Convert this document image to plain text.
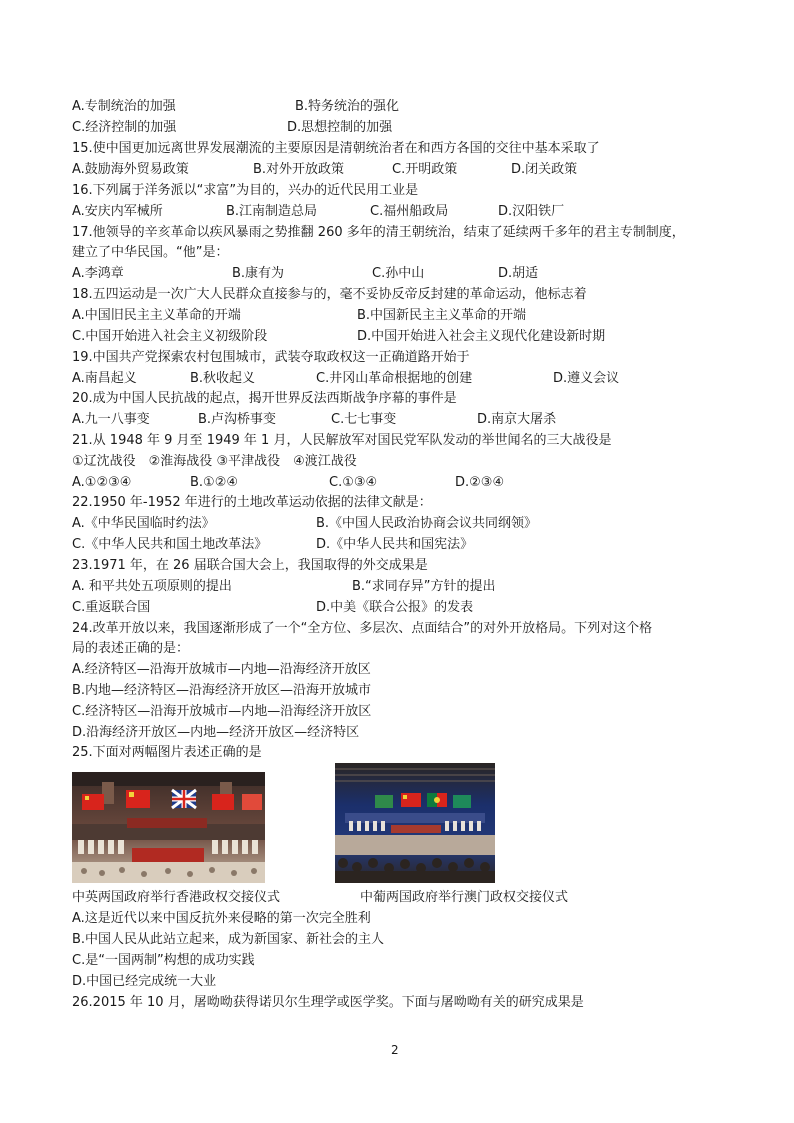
A.专制统治的加强	B.特务统治的强化
C.经济控制的加强	D.思想控制的加强
15.使中国更加远离世界发展潮流的主要原因是清朝统治者在和西方各国的交往中基本采取了
A.鼓励海外贸易政策	B.对外开放政策	C.开明政策	D.闭关政策
16.下列属于洋务派以“求富”为目的，兴办的近代民用工业是
A.安庆内军械所	B.江南制造总局	C.福州船政局	D.汉阳铁厂
17.他领导的辛亥革命以疾风暴雨之势推翻 260 多年的清王朝统治，结束了延续两千多年的君主专制制度，
建立了中华民国。“他”是：
A.李鸿章	B.康有为	C.孙中山	D.胡适
18.五四运动是一次广大人民群众直接参与的，毫不妥协反帝反封建的革命运动，他标志着
A.中国旧民主主义革命的开端	B.中国新民主主义革命的开端
C.中国开始进入社会主义初级阶段	D.中国开始进入社会主义现代化建设新时期
19.中国共产党探索农村包围城市，武装夺取政权这一正确道路开始于
A.南昌起义	B.秋收起义	C.井冈山革命根据地的创建	D.遵义会议
20.成为中国人民抗战的起点，揭开世界反法西斯战争序幕的事件是
A.九一八事变	B.卢沟桥事变	C.七七事变	D.南京大屠杀
21.从 1948 年 9 月至 1949 年 1 月，人民解放军对国民党军队发动的举世闻名的三大战役是
①辽沈战役　②淮海战役 ③平津战役　④渡江战役
A.①②③④	B.①②④	C.①③④	D.②③④
22.1950 年-1952 年进行的土地改革运动依据的法律文献是：
A.《中华民国临时约法》	B.《中国人民政治协商会议共同纲领》
C.《中华人民共和国土地改革法》	D.《中华人民共和国宪法》
23.1971 年，在 26 届联合国大会上，我国取得的外交成果是
A. 和平共处五项原则的提出	B.“求同存异”方针的提出
C.重返联合国	D.中美《联合公报》的发表
24.改革开放以来，我国逐渐形成了一个“全方位、多层次、点面结合”的对外开放格局。下列对这个格
局的表述正确的是：
A.经济特区—沿海开放城市—内地—沿海经济开放区
B.内地—经济特区—沿海经济开放区—沿海开放城市
C.经济特区—沿海开放城市—内地—沿海经济开放区
D.沿海经济开放区—内地—经济开放区—经济特区
25.下面对两幅图片表述正确的是
中英两国政府举行香港政权交接仪式	中葡两国政府举行澳门政权交接仪式
A.这是近代以来中国反抗外来侵略的第一次完全胜利
B.中国人民从此站立起来，成为新国家、新社会的主人
C.是“一国两制”构想的成功实践
D.中国已经完成统一大业
26.2015 年 10 月，屠呦呦获得诺贝尔生理学或医学奖。下面与屠呦呦有关的研究成果是
2
